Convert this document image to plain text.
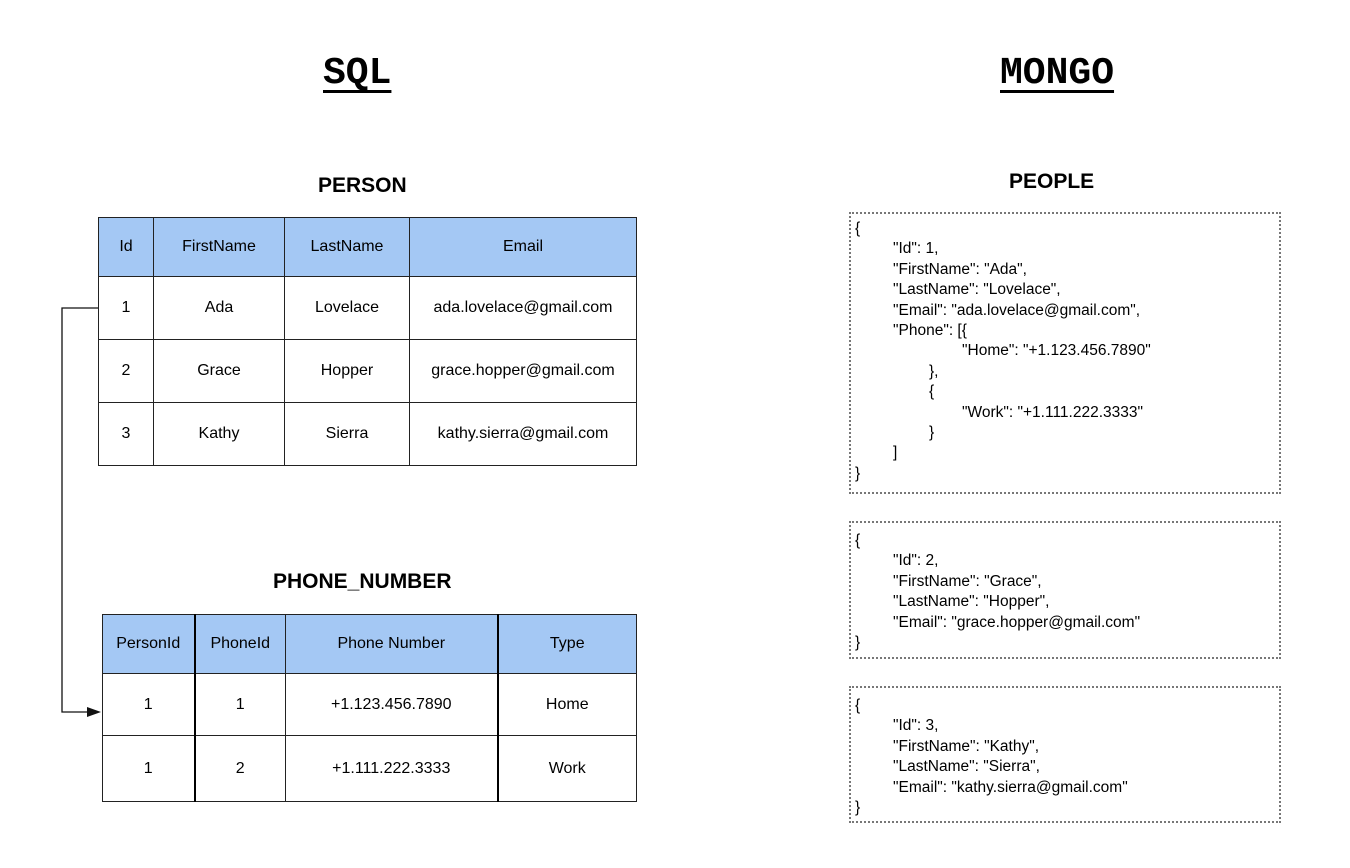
SQL	MONGO
PERSON
Id	FirstName	LastName	Email
1	Ada	Lovelace	ada.lovelace@gmail.com
2	Grace	Hopper	grace.hopper@gmail.com
3	Kathy	Sierra	kathy.sierra@gmail.com
PHONE_NUMBER
PersonId	PhoneId	Phone Number	Type
1	1	+1.123.456.7890	Home
1	2	+1.111.222.3333	Work
PEOPLE
{
"Id": 1,
"FirstName": "Ada",
"LastName": "Lovelace",
"Email": "ada.lovelace@gmail.com",
"Phone": [{
"Home": "+1.123.456.7890"
},
{
"Work": "+1.111.222.3333"
}
]
}
{
"Id": 2,
"FirstName": "Grace",
"LastName": "Hopper",
"Email": "grace.hopper@gmail.com"
}
{
"Id": 3,
"FirstName": "Kathy",
"LastName": "Sierra",
"Email": "kathy.sierra@gmail.com"
}
